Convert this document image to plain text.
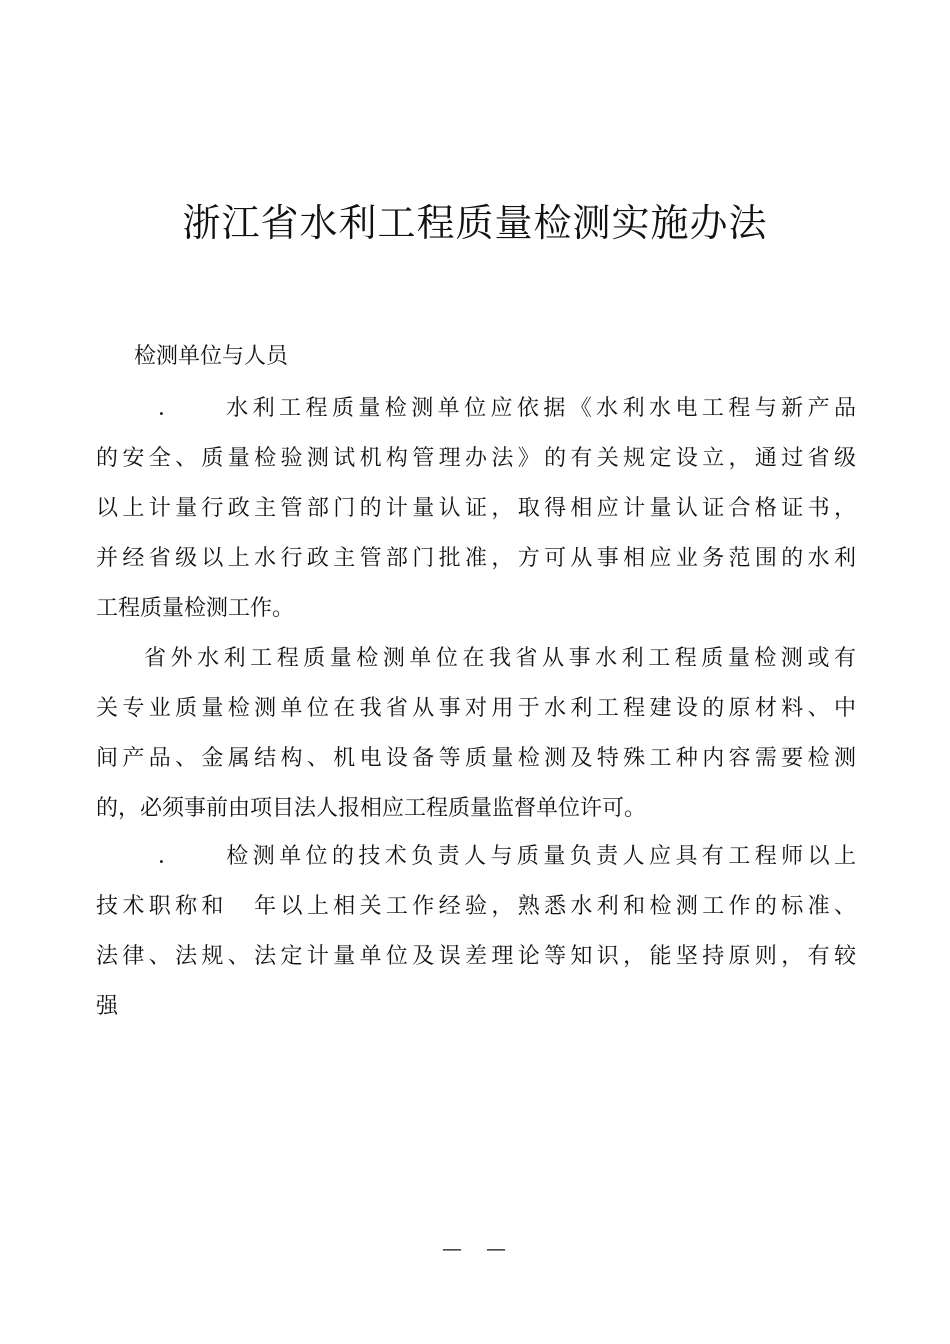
浙江省水利工程质量检测实施办法
检测单位与人员
．　　水利工程质量检测单位应依据《水利水电工程与新产品
的安全、质量检验测试机构管理办法》的有关规定设立，通过省级
以上计量行政主管部门的计量认证，取得相应计量认证合格证书，
并经省级以上水行政主管部门批准，方可从事相应业务范围的水利
工程质量检测工作。
省外水利工程质量检测单位在我省从事水利工程质量检测或有
关专业质量检测单位在我省从事对用于水利工程建设的原材料、中
间产品、金属结构、机电设备等质量检测及特殊工种内容需要检测
的，必须事前由项目法人报相应工程质量监督单位许可。
．　　检测单位的技术负责人与质量负责人应具有工程师以上
技术职称和　年以上相关工作经验，熟悉水利和检测工作的标准、
法律、法规、法定计量单位及误差理论等知识，能坚持原则，有较
强
—　—
